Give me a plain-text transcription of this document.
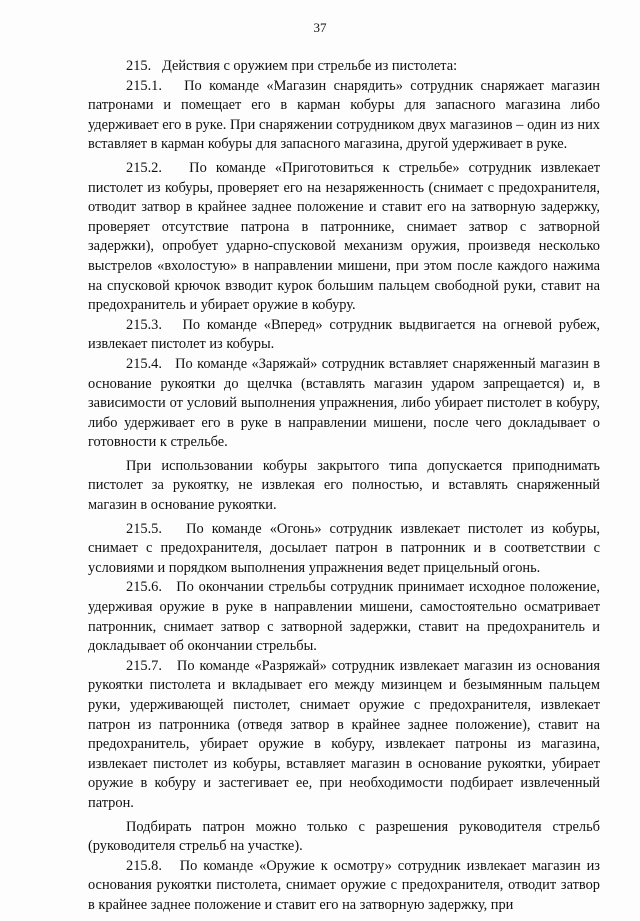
37

215.   Действия с оружием при стрельбе из пистолета:

215.1.   По команде «Магазин снарядить» сотрудник снаряжает магазин патронами и помещает его в карман кобуры для запасного магазина либо удерживает его в руке. При снаряжении сотрудником двух магазинов – один из них вставляет в карман кобуры для запасного магазина, другой удерживает в руке.

215.2.   По команде «Приготовиться к стрельбе» сотрудник извлекает пистолет из кобуры, проверяет его на незаряженность (снимает с предохранителя, отводит затвор в крайнее заднее положение и ставит его на затворную задержку, проверяет отсутствие патрона в патроннике, снимает затвор с затворной задержки), опробует ударно-спусковой механизм оружия, произведя несколько выстрелов «вхолостую» в направлении мишени, при этом после каждого нажима на спусковой крючок взводит курок большим пальцем свободной руки, ставит на предохранитель и убирает оружие в кобуру.

215.3.   По команде «Вперед» сотрудник выдвигается на огневой рубеж, извлекает пистолет из кобуры.

215.4.   По команде «Заряжай» сотрудник вставляет снаряженный магазин в основание рукоятки до щелчка (вставлять магазин ударом запрещается) и, в зависимости от условий выполнения упражнения, либо убирает пистолет в кобуру, либо удерживает его в руке в направлении мишени, после чего докладывает о готовности к стрельбе.

При использовании кобуры закрытого типа допускается приподнимать пистолет за рукоятку, не извлекая его полностью, и вставлять снаряженный магазин в основание рукоятки.

215.5.   По команде «Огонь» сотрудник извлекает пистолет из кобуры, снимает с предохранителя, досылает патрон в патронник и в соответствии с условиями и порядком выполнения упражнения ведет прицельный огонь.

215.6.   По окончании стрельбы сотрудник принимает исходное положение, удерживая оружие в руке в направлении мишени, самостоятельно осматривает патронник, снимает затвор с затворной задержки, ставит на предохранитель и докладывает об окончании стрельбы.

215.7.   По команде «Разряжай» сотрудник извлекает магазин из основания рукоятки пистолета и вкладывает его между мизинцем и безымянным пальцем руки, удерживающей пистолет, снимает оружие с предохранителя, извлекает патрон из патронника (отведя затвор в крайнее заднее положение), ставит на предохранитель, убирает оружие в кобуру, извлекает патроны из магазина, извлекает пистолет из кобуры, вставляет магазин в основание рукоятки, убирает оружие в кобуру и застегивает ее, при необходимости подбирает извлеченный патрон.

Подбирать патрон можно только с разрешения руководителя стрельб (руководителя стрельб на участке).

215.8.   По команде «Оружие к осмотру» сотрудник извлекает магазин из основания рукоятки пистолета, снимает оружие с предохранителя, отводит затвор в крайнее заднее положение и ставит его на затворную задержку, при
